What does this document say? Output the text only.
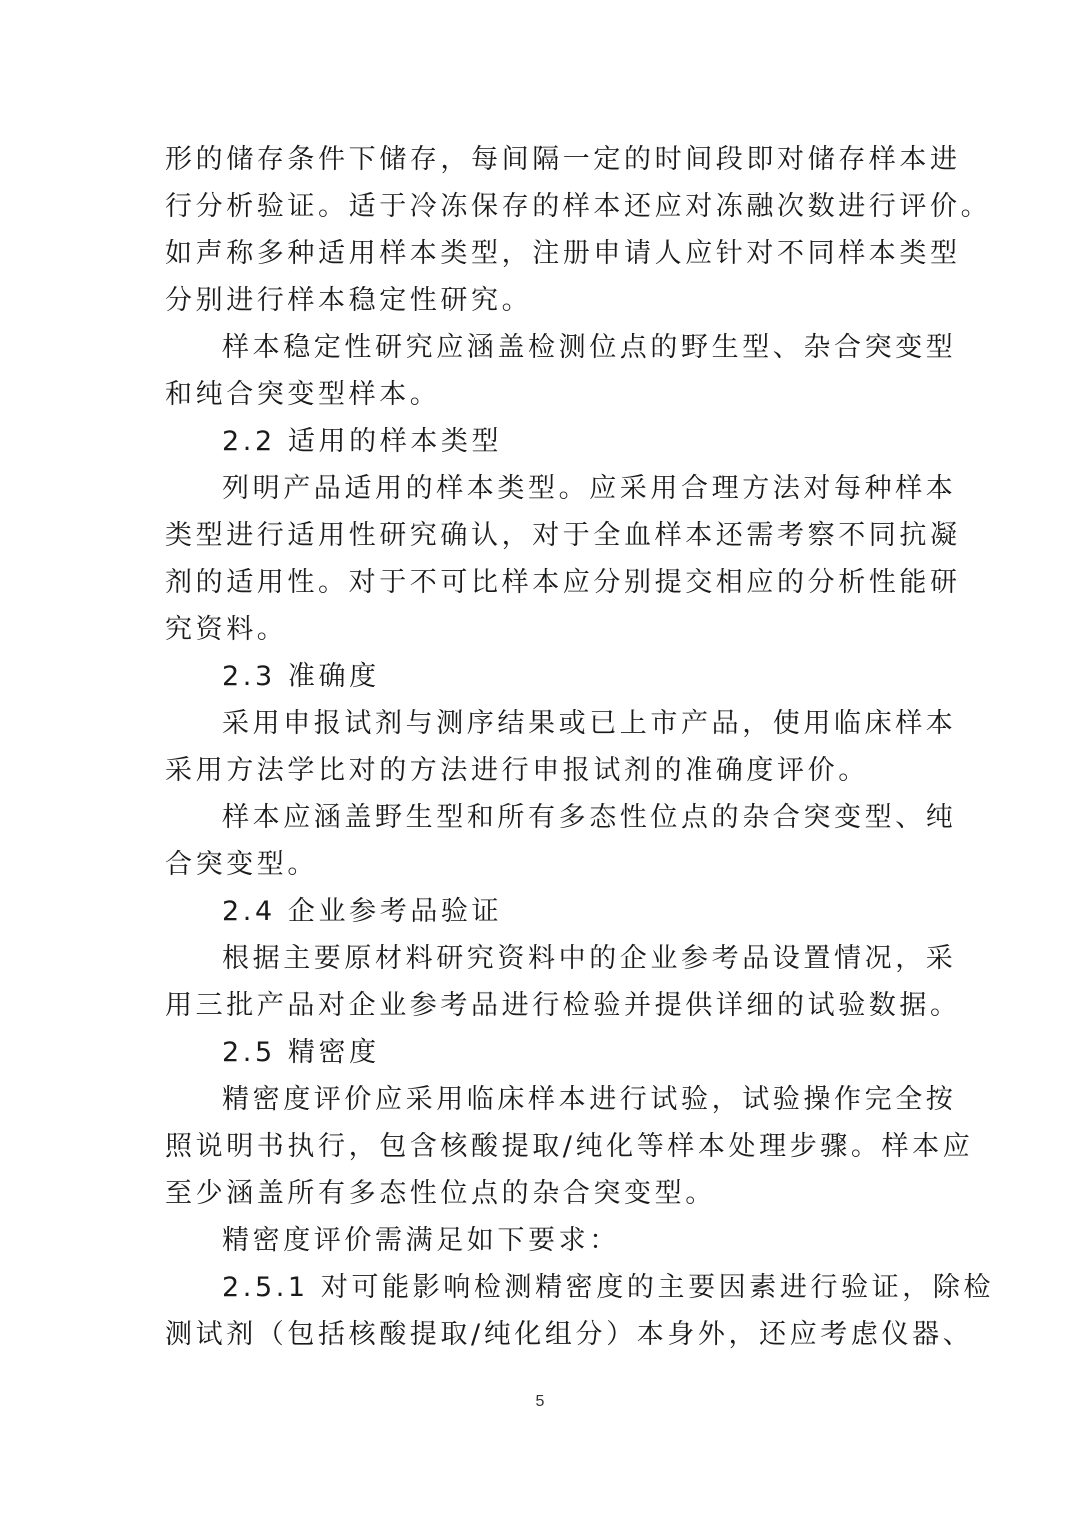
形的储存条件下储存，每间隔一定的时间段即对储存样本进
行分析验证。适于冷冻保存的样本还应对冻融次数进行评价。
如声称多种适用样本类型，注册申请人应针对不同样本类型
分别进行样本稳定性研究。
样本稳定性研究应涵盖检测位点的野生型、杂合突变型
和纯合突变型样本。
2.2 适用的样本类型
列明产品适用的样本类型。应采用合理方法对每种样本
类型进行适用性研究确认，对于全血样本还需考察不同抗凝
剂的适用性。对于不可比样本应分别提交相应的分析性能研
究资料。
2.3 准确度
采用申报试剂与测序结果或已上市产品，使用临床样本
采用方法学比对的方法进行申报试剂的准确度评价。
样本应涵盖野生型和所有多态性位点的杂合突变型、纯
合突变型。
2.4 企业参考品验证
根据主要原材料研究资料中的企业参考品设置情况，采
用三批产品对企业参考品进行检验并提供详细的试验数据。
2.5 精密度
精密度评价应采用临床样本进行试验，试验操作完全按
照说明书执行，包含核酸提取/纯化等样本处理步骤。样本应
至少涵盖所有多态性位点的杂合突变型。
精密度评价需满足如下要求：
2.5.1 对可能影响检测精密度的主要因素进行验证，除检
测试剂（包括核酸提取/纯化组分）本身外，还应考虑仪器、
5
